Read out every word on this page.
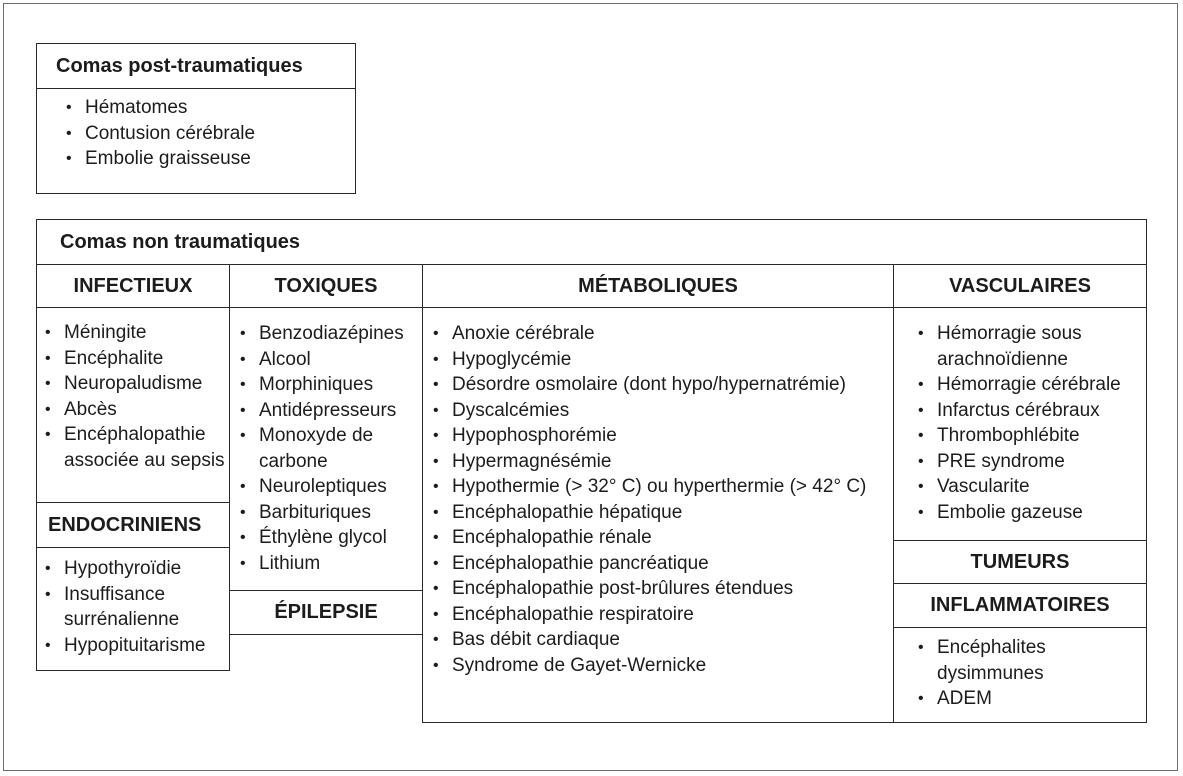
Comas post-traumatiques
• Hématomes
• Contusion cérébrale
• Embolie graisseuse
Comas non traumatiques
INFECTIEUX
• Méningite
• Encéphalite
• Neuropaludisme
• Abcès
• Encéphalopathie associée au sepsis
ENDOCRINIENS
• Hypothyroïdie
• Insuffisance surrénalienne
• Hypopituitarisme
TOXIQUES
• Benzodiazépines
• Alcool
• Morphiniques
• Antidépresseurs
• Monoxyde de carbone
• Neuroleptiques
• Barbituriques
• Éthylène glycol
• Lithium
ÉPILEPSIE
MÉTABOLIQUES
• Anoxie cérébrale
• Hypoglycémie
• Désordre osmolaire (dont hypo/hypernatrémie)
• Dyscalcémies
• Hypophosphorémie
• Hypermagnésémie
• Hypothermie (> 32° C) ou hyperthermie (> 42° C)
• Encéphalopathie hépatique
• Encéphalopathie rénale
• Encéphalopathie pancréatique
• Encéphalopathie post-brûlures étendues
• Encéphalopathie respiratoire
• Bas débit cardiaque
• Syndrome de Gayet-Wernicke
VASCULAIRES
• Hémorragie sous arachnoïdienne
• Hémorragie cérébrale
• Infarctus cérébraux
• Thrombophlébite
• PRE syndrome
• Vascularite
• Embolie gazeuse
TUMEURS
INFLAMMATOIRES
• Encéphalites dysimmunes
• ADEM
